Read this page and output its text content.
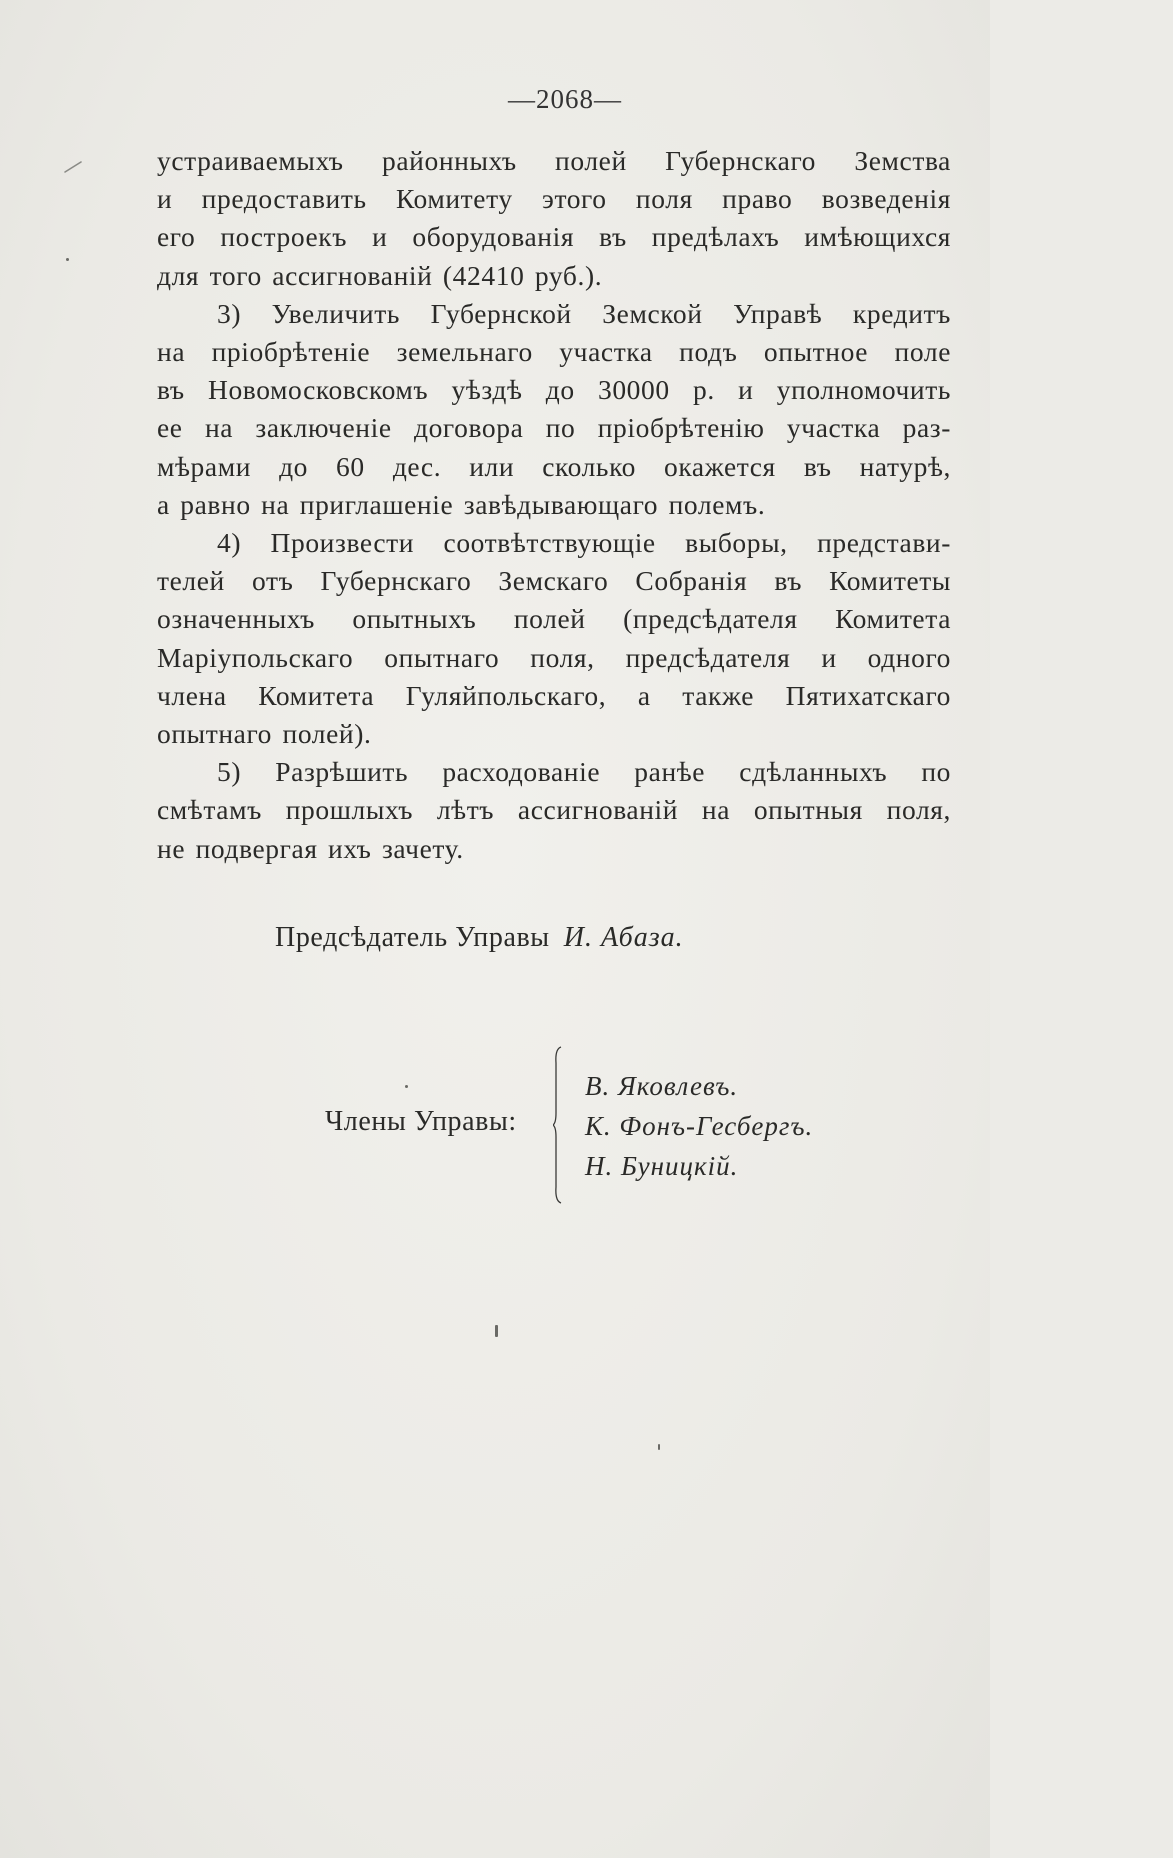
—2068—

устраиваемыхъ районныхъ полей Губернскаго Земства
и предоставить Комитету этого поля право возведенія
его построекъ и оборудованія въ предѣлахъ имѣющихся
для того ассигнованій (42410 руб.).

3) Увеличить Губернской Земской Управѣ кредитъ
на пріобрѣтеніе земельнаго участка подъ опытное поле
въ Новомосковскомъ уѣздѣ до 30000 р. и уполномочить
ее на заключеніе договора по пріобрѣтенію участка раз-
мѣрами до 60 дес. или сколько окажется въ натурѣ,
а равно на приглашеніе завѣдывающаго полемъ.

4) Произвести соотвѣтствующіе выборы, представи-
телей отъ Губернскаго Земскаго Собранія въ Комитеты
означенныхъ опытныхъ полей (предсѣдателя Комитета
Маріупольскаго опытнаго поля, предсѣдателя и одного
члена Комитета Гуляйпольскаго, а также Пятихатскаго
опытнаго полей).

5) Разрѣшить расходованіе ранѣе сдѣланныхъ по
смѣтамъ прошлыхъ лѣтъ ассигнованій на опытныя поля,
не подвергая ихъ зачету.

Предсѣдатель Управы И. Абаза.
Члены Управы:
В. Яковлевъ.
К. Фонъ-Гесбергъ.
Н. Буницкій.
